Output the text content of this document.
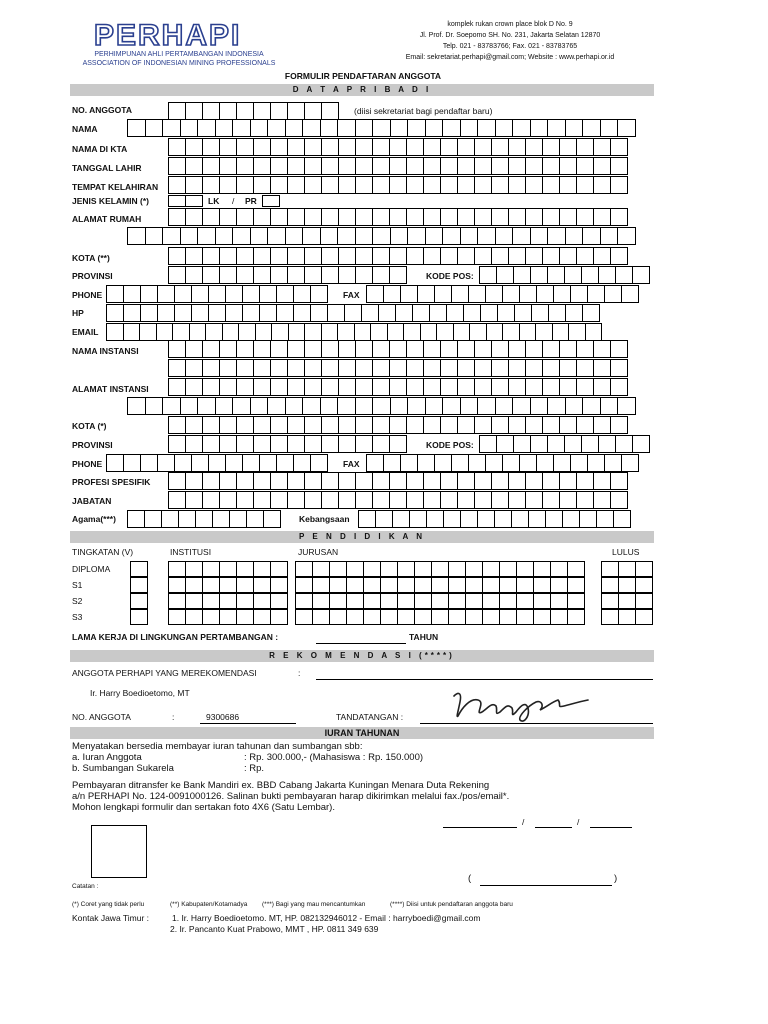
PERHAPI
PERHIMPUNAN AHLI PERTAMBANGAN INDONESIA
ASSOCIATION OF INDONESIAN MINING PROFESSIONALS
komplek rukan crown place blok D No. 9
Jl. Prof. Dr. Soepomo SH. No. 231, Jakarta Selatan 12870
Telp. 021 - 83783766; Fax. 021 - 83783765
Email: sekretariat.perhapi@gmail.com; Website : www.perhapi.or.id
FORMULIR PENDAFTARAN ANGGOTA
D A T A P R I B A D I
NO. ANGGOTA	(diisi sekretariat bagi pendaftar baru)
NAMA
NAMA DI KTA
TANGGAL LAHIR
TEMPAT KELAHIRAN
JENIS KELAMIN (*)	LK / PR
ALAMAT RUMAH
KOTA (**)
PROVINSI	KODE POS:
PHONE	FAX
HP
EMAIL
NAMA INSTANSI
ALAMAT INSTANSI
KOTA (*)
PROVINSI	KODE POS:
PHONE	FAX
PROFESI SPESIFIK
JABATAN
Agama(***)	Kebangsaan
P E N D I D I K A N
TINGKATAN (V)	INSTITUSI	JURUSAN	LULUS
DIPLOMA
S1
S2
S3
LAMA KERJA DI LINGKUNGAN PERTAMBANGAN :	TAHUN
R E K O M E N D A S I (****)
ANGGOTA PERHAPI YANG MEREKOMENDASI	:
Ir. Harry Boedioetomo, MT
NO. ANGGOTA	:	9300686	TANDATANGAN :
IURAN TAHUNAN
Menyatakan bersedia membayar iuran tahunan dan sumbangan sbb:
a. Iuran Anggota	: Rp. 300.000,- (Mahasiswa : Rp. 150.000)
b. Sumbangan Sukarela	: Rp.
Pembayaran ditransfer ke Bank Mandiri ex. BBD Cabang Jakarta Kuningan Menara Duta Rekening
a/n PERHAPI No. 124-0091000126. Salinan bukti pembayaran harap dikirimkan melalui fax./pos/email*.
Mohon lengkapi formulir dan sertakan foto 4X6 (Satu Lembar).
/	/
(	)
Catatan :
(*) Coret yang tidak perlu	(**) Kabupaten/Kotamadya (***) Bagi yang mau mencantumkan	(****) Diisi untuk pendaftaran anggota baru
Kontak Jawa Timur :	1. Ir. Harry Boedioetomo. MT, HP. 082132946012 - Email : harryboedi@gmail.com
2. Ir. Pancanto Kuat Prabowo, MMT , HP. 0811 349 639
